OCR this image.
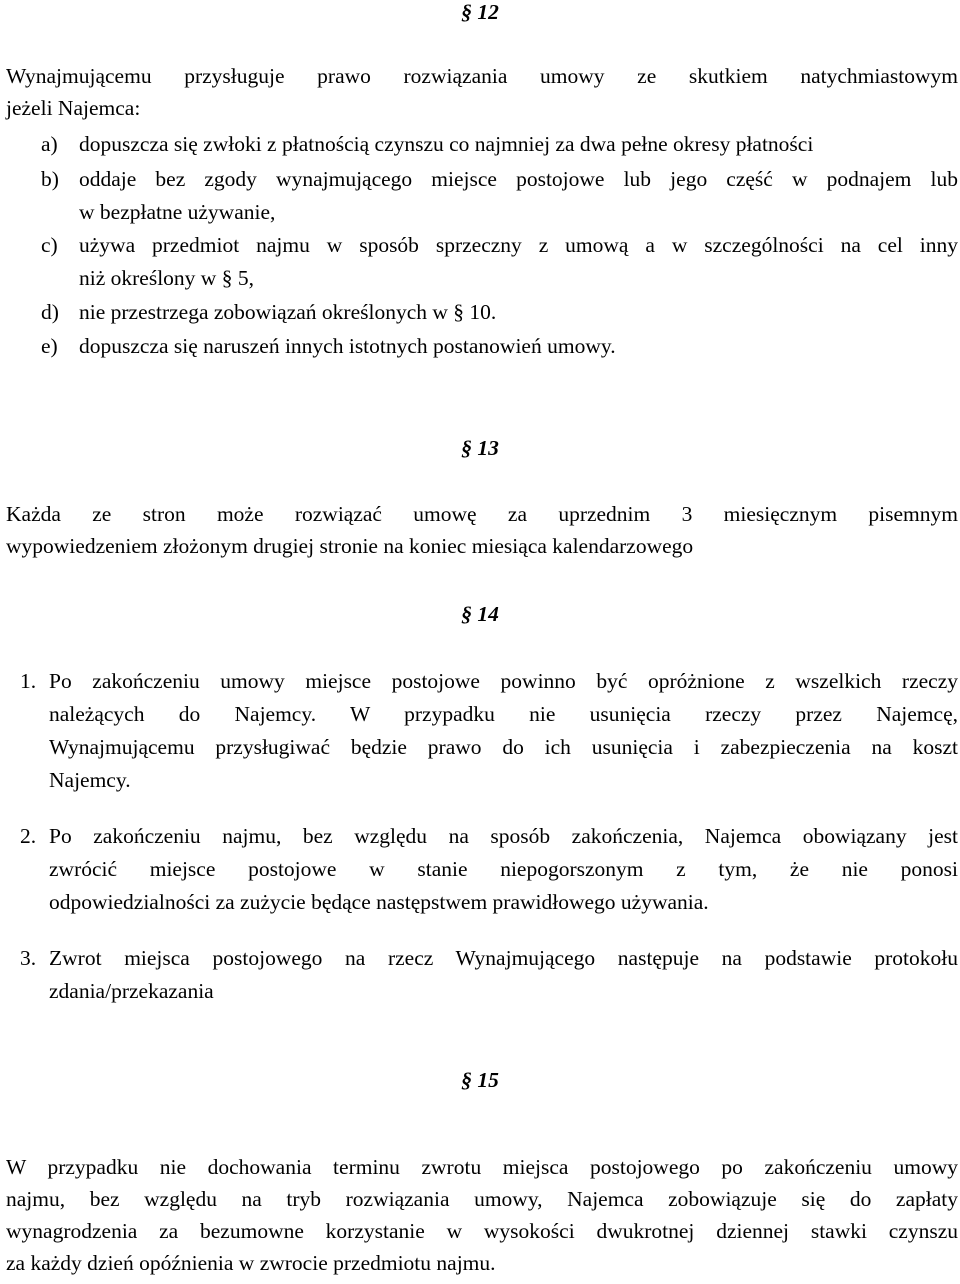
§ 12
Wynajmującemu przysługuje prawo rozwiązania umowy ze skutkiem natychmiastowym
jeżeli Najemca:
a) dopuszcza się zwłoki z płatnością czynszu co najmniej za dwa pełne okresy płatności
b) oddaje bez zgody wynajmującego miejsce postojowe lub jego część w podnajem lub
w bezpłatne używanie,
c) używa przedmiot najmu w sposób sprzeczny z umową a w szczególności na cel inny
niż określony w § 5,
d) nie przestrzega zobowiązań określonych w § 10.
e) dopuszcza się naruszeń innych istotnych postanowień umowy.
§ 13
Każda ze stron może rozwiązać umowę za uprzednim 3 miesięcznym pisemnym
wypowiedzeniem złożonym drugiej stronie na koniec miesiąca kalendarzowego
§ 14
1. Po zakończeniu umowy miejsce postojowe powinno być opróżnione z wszelkich rzeczy
należących do Najemcy. W przypadku nie usunięcia rzeczy przez Najemcę,
Wynajmującemu przysługiwać będzie prawo do ich usunięcia i zabezpieczenia na koszt
Najemcy.
2. Po zakończeniu najmu, bez względu na sposób zakończenia, Najemca obowiązany jest
zwrócić miejsce postojowe w stanie niepogorszonym z tym, że nie ponosi
odpowiedzialności za zużycie będące następstwem prawidłowego używania.
3. Zwrot miejsca postojowego na rzecz Wynajmującego następuje na podstawie protokołu
zdania/przekazania
§ 15
W przypadku nie dochowania terminu zwrotu miejsca postojowego po zakończeniu umowy
najmu, bez względu na tryb rozwiązania umowy, Najemca zobowiązuje się do zapłaty
wynagrodzenia za bezumowne korzystanie w wysokości dwukrotnej dziennej stawki czynszu
za każdy dzień opóźnienia w zwrocie przedmiotu najmu.
